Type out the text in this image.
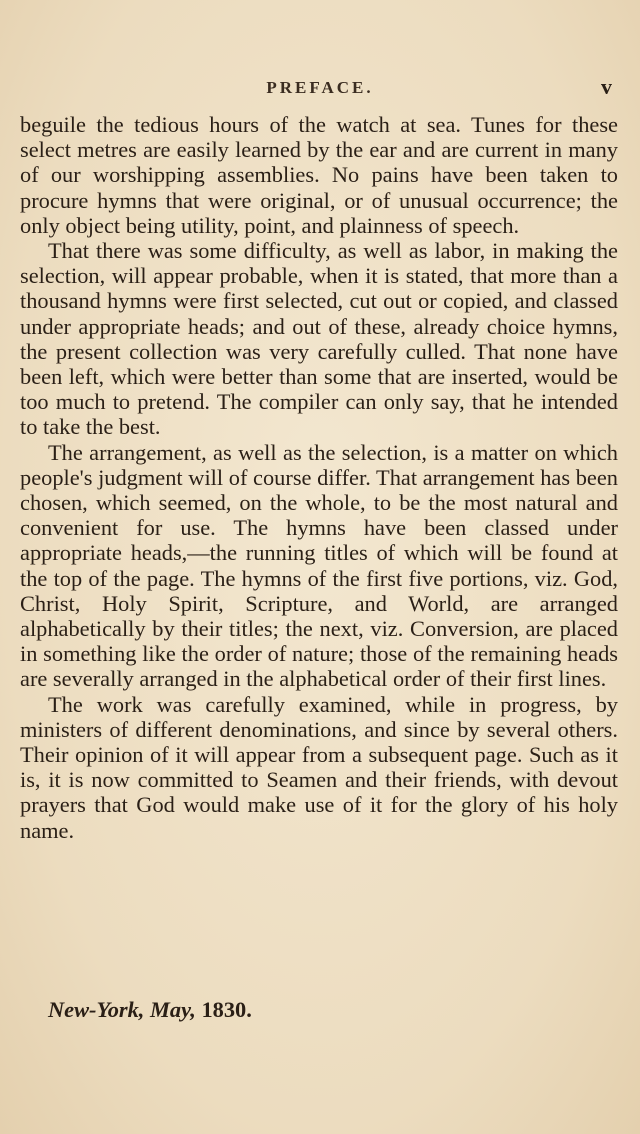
PREFACE.	v

beguile the tedious hours of the watch at sea. Tunes for these select metres are easily learned by the ear and are current in many of our worshipping assemblies. No pains have been taken to procure hymns that were original, or of unusual occurrence; the only object being utility, point, and plainness of speech.

That there was some difficulty, as well as labor, in making the selection, will appear probable, when it is stated, that more than a thousand hymns were first selected, cut out or copied, and classed under appropriate heads; and out of these, already choice hymns, the present collection was very carefully culled. That none have been left, which were better than some that are inserted, would be too much to pretend. The compiler can only say, that he intended to take the best.

The arrangement, as well as the selection, is a matter on which people's judgment will of course differ. That arrangement has been chosen, which seemed, on the whole, to be the most natural and convenient for use. The hymns have been classed under appropriate heads,—the running titles of which will be found at the top of the page. The hymns of the first five portions, viz. God, Christ, Holy Spirit, Scripture, and World, are arranged alphabetically by their titles; the next, viz. Conversion, are placed in something like the order of nature; those of the remaining heads are severally arranged in the alphabetical order of their first lines.

The work was carefully examined, while in progress, by ministers of different denominations, and since by several others. Their opinion of it will appear from a subsequent page. Such as it is, it is now committed to Seamen and their friends, with devout prayers that God would make use of it for the glory of his holy name.

New-York, May, 1830.
